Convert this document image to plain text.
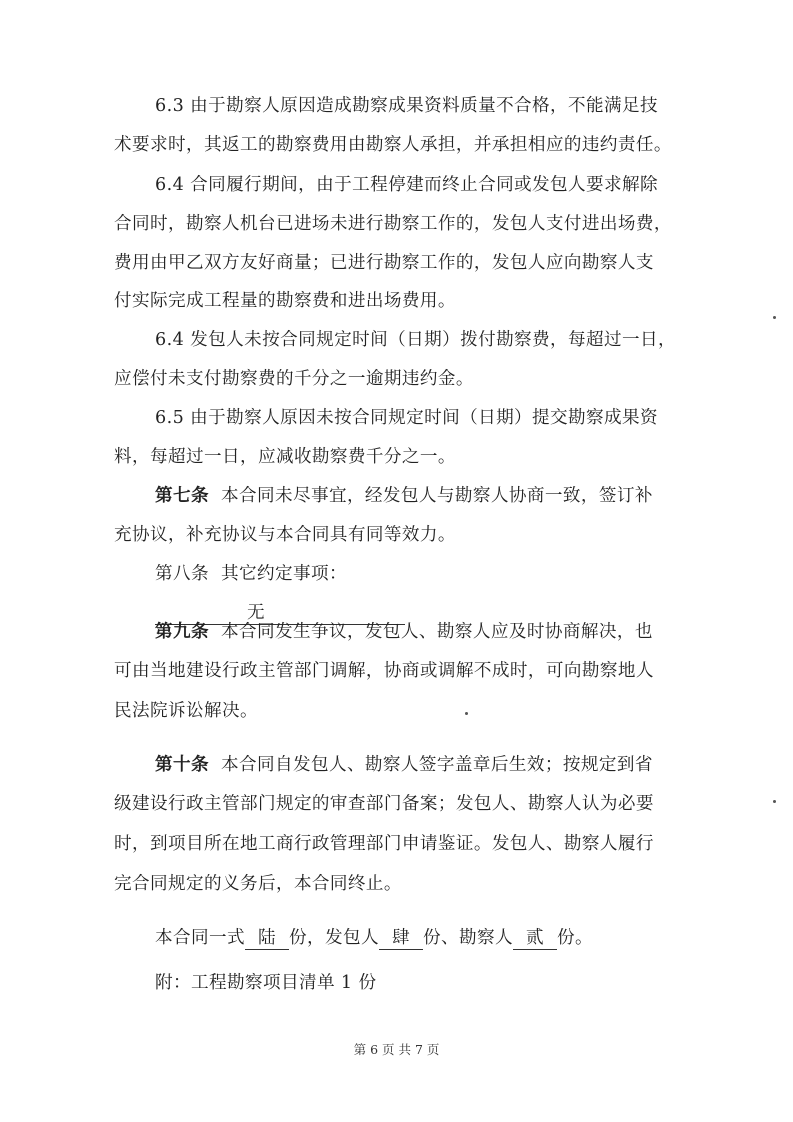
6.3 由于勘察人原因造成勘察成果资料质量不合格，不能满足技
术要求时，其返工的勘察费用由勘察人承担，并承担相应的违约责任。
6.4 合同履行期间，由于工程停建而终止合同或发包人要求解除
合同时，勘察人机台已进场未进行勘察工作的，发包人支付进出场费，
费用由甲乙双方友好商量；已进行勘察工作的，发包人应向勘察人支
付实际完成工程量的勘察费和进出场费用。
6.4 发包人未按合同规定时间（日期）拨付勘察费，每超过一日，
应偿付未支付勘察费的千分之一逾期违约金。
6.5 由于勘察人原因未按合同规定时间（日期）提交勘察成果资
料，每超过一日，应减收勘察费千分之一。
第七条 本合同未尽事宜，经发包人与勘察人协商一致，签订补
充协议，补充协议与本合同具有同等效力。
第八条 其它约定事项：
无
第九条 本合同发生争议，发包人、勘察人应及时协商解决，也
可由当地建设行政主管部门调解，协商或调解不成时，可向勘察地人
民法院诉讼解决。
第十条 本合同自发包人、勘察人签字盖章后生效；按规定到省
级建设行政主管部门规定的审查部门备案；发包人、勘察人认为必要
时，到项目所在地工商行政管理部门申请鉴证。发包人、勘察人履行
完合同规定的义务后，本合同终止。
本合同一式 陆 份，发包人 肆 份、勘察人 贰 份。
附：工程勘察项目清单 1 份
第 6 页 共 7 页
